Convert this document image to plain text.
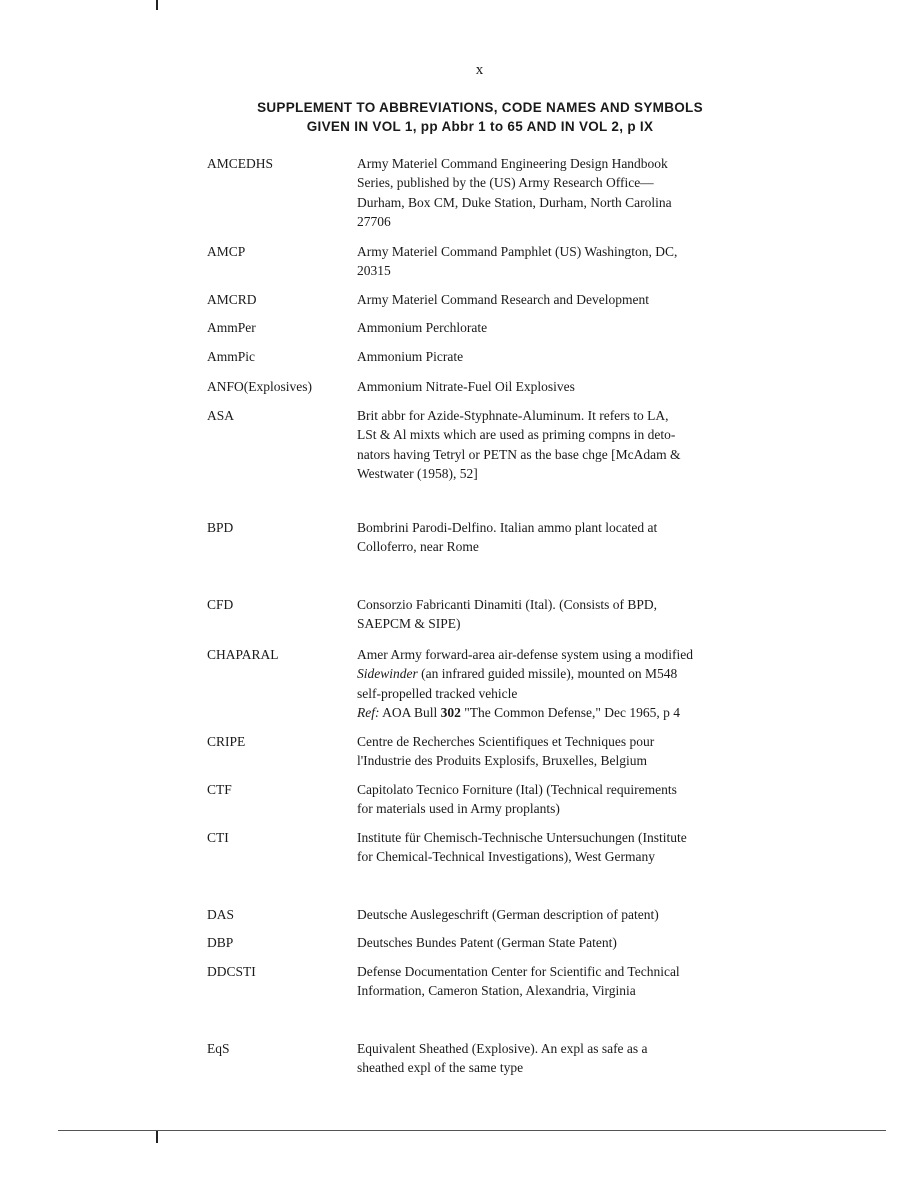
x
SUPPLEMENT TO ABBREVIATIONS, CODE NAMES AND SYMBOLS
GIVEN IN VOL 1, pp Abbr 1 to 65 AND IN VOL 2, p IX
AMCEDHS	Army Materiel Command Engineering Design Handbook
Series, published by the (US) Army Research Office—
Durham, Box CM, Duke Station, Durham, North Carolina
27706
AMCP	Army Materiel Command Pamphlet (US) Washington, DC,
20315
AMCRD	Army Materiel Command Research and Development
AmmPer	Ammonium Perchlorate
AmmPic	Ammonium Picrate
ANFO(Explosives)	Ammonium Nitrate-Fuel Oil Explosives
ASA	Brit abbr for Azide-Styphnate-Aluminum. It refers to LA,
LSt & Al mixts which are used as priming compns in deto-
nators having Tetryl or PETN as the base chge [McAdam &
Westwater (1958), 52]
BPD	Bombrini Parodi-Delfino. Italian ammo plant located at
Colloferro, near Rome
CFD	Consorzio Fabricanti Dinamiti (Ital). (Consists of BPD,
SAEPCM & SIPE)
CHAPARAL	Amer Army forward-area air-defense system using a modified
Sidewinder (an infrared guided missile), mounted on M548
self-propelled tracked vehicle
Ref: AOA Bull 302 "The Common Defense," Dec 1965, p 4
CRIPE	Centre de Recherches Scientifiques et Techniques pour
l'Industrie des Produits Explosifs, Bruxelles, Belgium
CTF	Capitolato Tecnico Forniture (Ital) (Technical requirements
for materials used in Army proplants)
CTI	Institute für Chemisch-Technische Untersuchungen (Institute
for Chemical-Technical Investigations), West Germany
DAS	Deutsche Auslegeschrift (German description of patent)
DBP	Deutsches Bundes Patent (German State Patent)
DDCSTI	Defense Documentation Center for Scientific and Technical
Information, Cameron Station, Alexandria, Virginia
EqS	Equivalent Sheathed (Explosive). An expl as safe as a
sheathed expl of the same type
